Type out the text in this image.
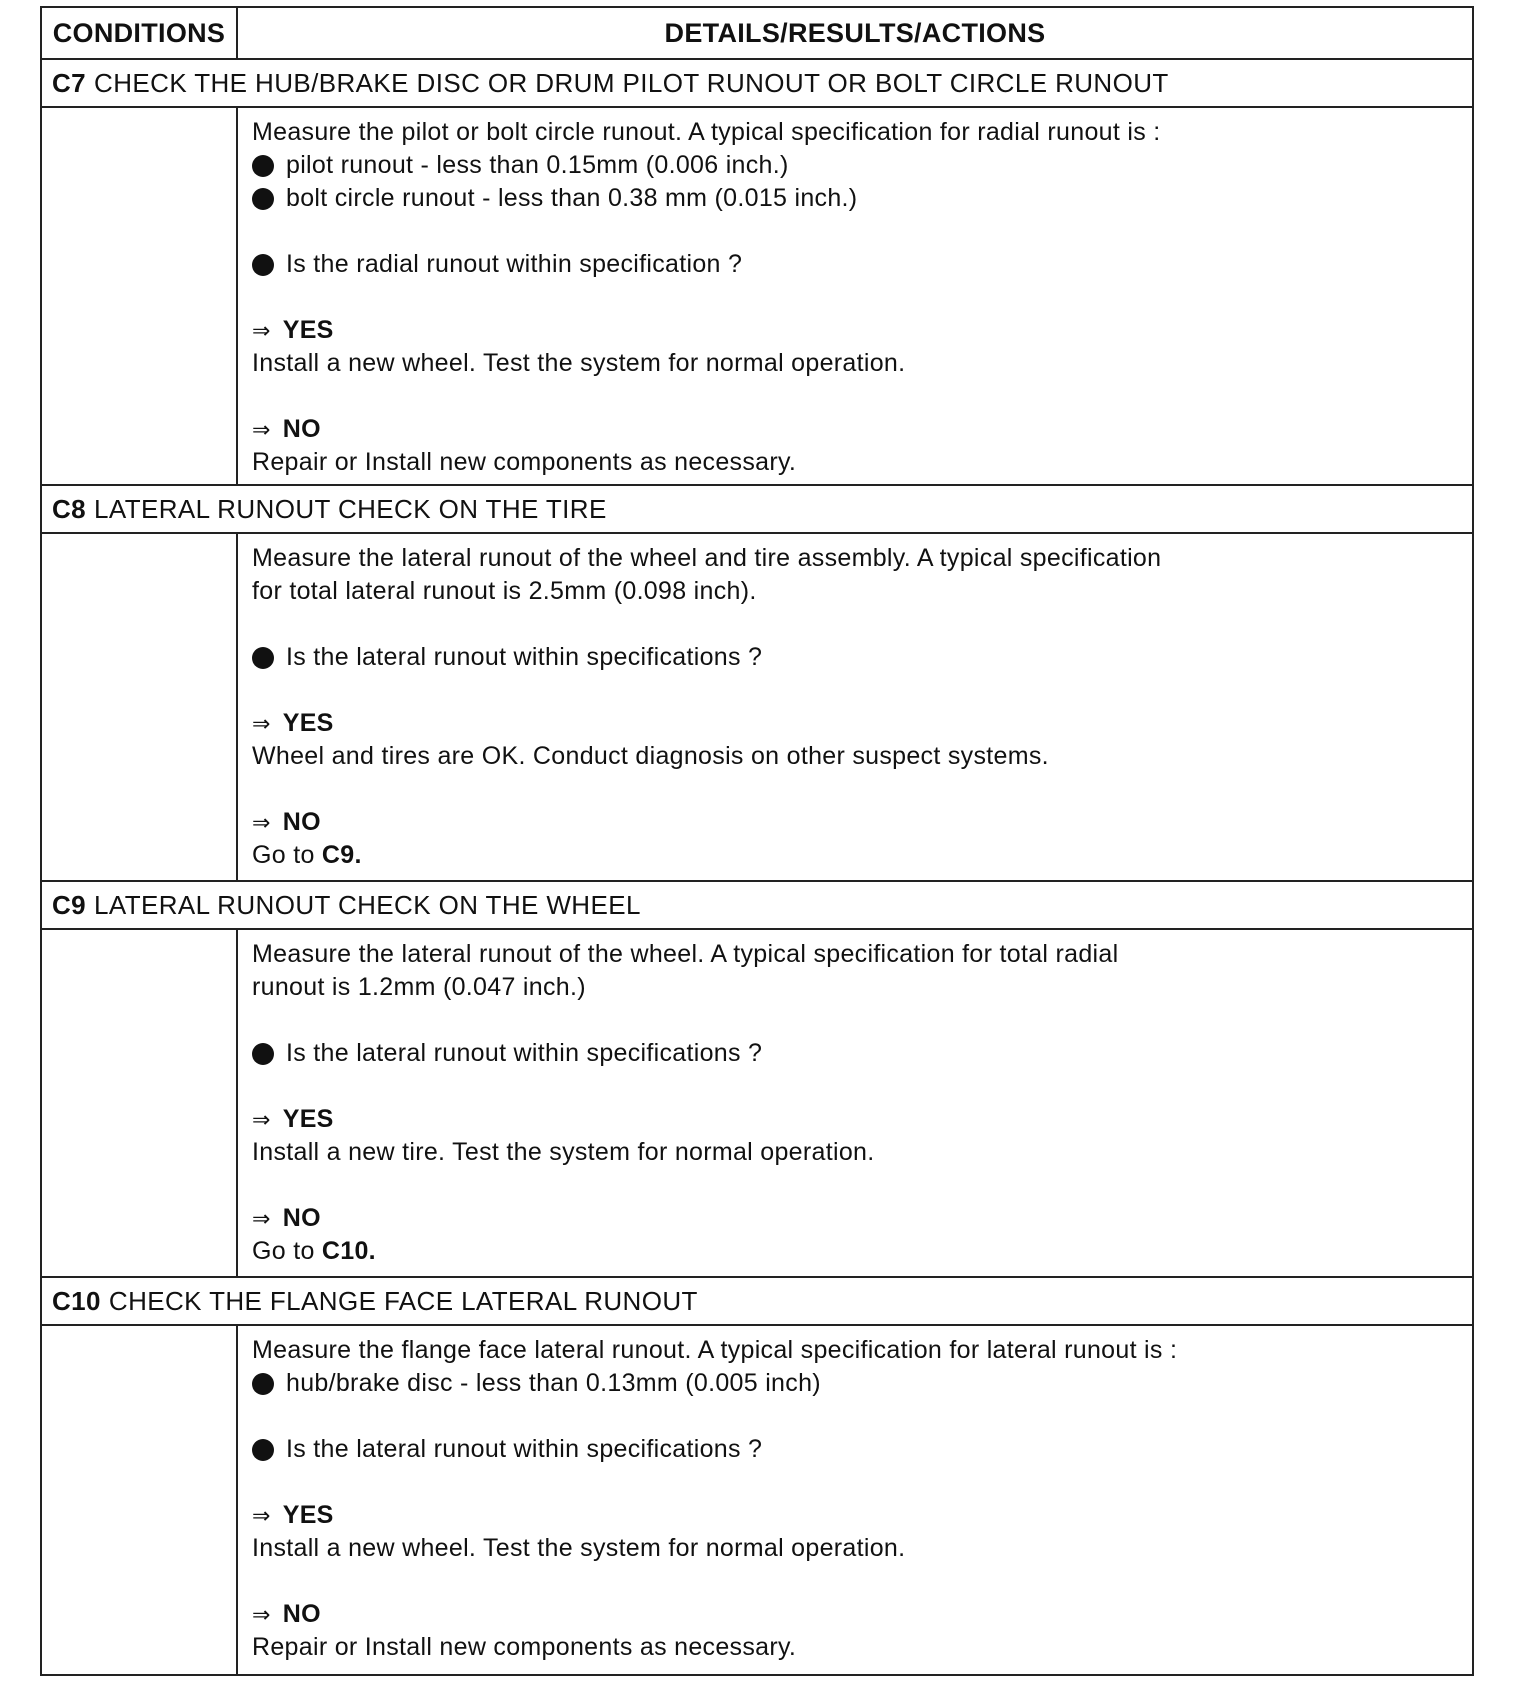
CONDITIONS	DETAILS/RESULTS/ACTIONS
C7 CHECK THE HUB/BRAKE DISC OR DRUM PILOT RUNOUT OR BOLT CIRCLE RUNOUT
Measure the pilot or bolt circle runout. A typical specification for radial runout is :
pilot runout - less than 0.15mm (0.006 inch.)
bolt circle runout - less than 0.38 mm (0.015 inch.)
Is the radial runout within specification ?
⇒ YES
Install a new wheel. Test the system for normal operation.
⇒ NO
Repair or Install new components as necessary.
C8 LATERAL RUNOUT CHECK ON THE TIRE
Measure the lateral runout of the wheel and tire assembly. A typical specification
for total lateral runout is 2.5mm (0.098 inch).
Is the lateral runout within specifications ?
⇒ YES
Wheel and tires are OK. Conduct diagnosis on other suspect systems.
⇒ NO
Go to C9.
C9 LATERAL RUNOUT CHECK ON THE WHEEL
Measure the lateral runout of the wheel. A typical specification for total radial
runout is 1.2mm (0.047 inch.)
Is the lateral runout within specifications ?
⇒ YES
Install a new tire. Test the system for normal operation.
⇒ NO
Go to C10.
C10 CHECK THE FLANGE FACE LATERAL RUNOUT
Measure the flange face lateral runout. A typical specification for lateral runout is :
hub/brake disc - less than 0.13mm (0.005 inch)
Is the lateral runout within specifications ?
⇒ YES
Install a new wheel. Test the system for normal operation.
⇒ NO
Repair or Install new components as necessary.
